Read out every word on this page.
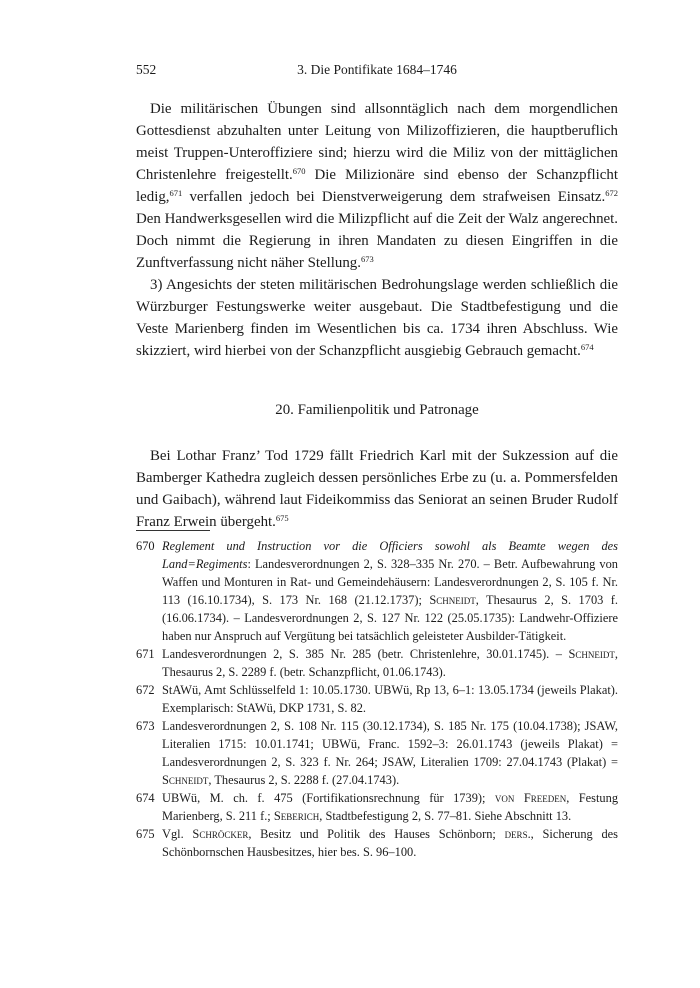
552	3. Die Pontifikate 1684–1746

Die militärischen Übungen sind allsonntäglich nach dem morgendlichen Gottesdienst abzuhalten unter Leitung von Milizoffizieren, die hauptberuflich meist Truppen-Unteroffiziere sind; hierzu wird die Miliz von der mittäglichen Christenlehre freigestellt.$^{670}$ Die Milizionäre sind ebenso der Schanzpflicht ledig,$^{671}$ verfallen jedoch bei Dienstverweigerung dem strafweisen Einsatz.$^{672}$ Den Handwerksgesellen wird die Milizpflicht auf die Zeit der Walz angerechnet. Doch nimmt die Regierung in ihren Mandaten zu diesen Eingriffen in die Zunftverfassung nicht näher Stellung.$^{673}$

3) Angesichts der steten militärischen Bedrohungslage werden schließlich die Würzburger Festungswerke weiter ausgebaut. Die Stadtbefestigung und die Veste Marienberg finden im Wesentlichen bis ca. 1734 ihren Abschluss. Wie skizziert, wird hierbei von der Schanzpflicht ausgiebig Gebrauch gemacht.$^{674}$

20. Familienpolitik und Patronage

Bei Lothar Franz’ Tod 1729 fällt Friedrich Karl mit der Sukzession auf die Bamberger Kathedra zugleich dessen persönliches Erbe zu (u. a. Pommersfelden und Gaibach), während laut Fideikommiss das Seniorat an seinen Bruder Rudolf Franz Erwein übergeht.$^{675}$

670 Reglement und Instruction vor die Officiers sowohl als Beamte wegen des Land=Regiments: Landesverordnungen 2, S. 328–335 Nr. 270. – Betr. Aufbewahrung von Waffen und Monturen in Rat- und Gemeindehäusern: Landesverordnungen 2, S. 105 f. Nr. 113 (16.10.1734), S. 173 Nr. 168 (21.12.1737); Schneidt, Thesaurus 2, S. 1703 f. (16.06.1734). – Landesverordnungen 2, S. 127 Nr. 122 (25.05.1735): Landwehr-Offiziere haben nur Anspruch auf Vergütung bei tatsächlich geleisteter Ausbilder-Tätigkeit.

671 Landesverordnungen 2, S. 385 Nr. 285 (betr. Christenlehre, 30.01.1745). – Schneidt, Thesaurus 2, S. 2289 f. (betr. Schanzpflicht, 01.06.1743).

672 StAWü, Amt Schlüsselfeld 1: 10.05.1730. UBWü, Rp 13, 6–1: 13.05.1734 (jeweils Plakat). Exemplarisch: StAWü, DKP 1731, S. 82.

673 Landesverordnungen 2, S. 108 Nr. 115 (30.12.1734), S. 185 Nr. 175 (10.04.1738); JSAW, Literalien 1715: 10.01.1741; UBWü, Franc. 1592–3: 26.01.1743 (jeweils Plakat) = Landesverordnungen 2, S. 323 f. Nr. 264; JSAW, Literalien 1709: 27.04.1743 (Plakat) = Schneidt, Thesaurus 2, S. 2288 f. (27.04.1743).

674 UBWü, M. ch. f. 475 (Fortifikationsrechnung für 1739); von Freeden, Festung Marienberg, S. 211 f.; Seberich, Stadtbefestigung 2, S. 77–81. Siehe Abschnitt 13.

675 Vgl. Schröcker, Besitz und Politik des Hauses Schönborn; ders., Sicherung des Schönbornschen Hausbesitzes, hier bes. S. 96–100.
